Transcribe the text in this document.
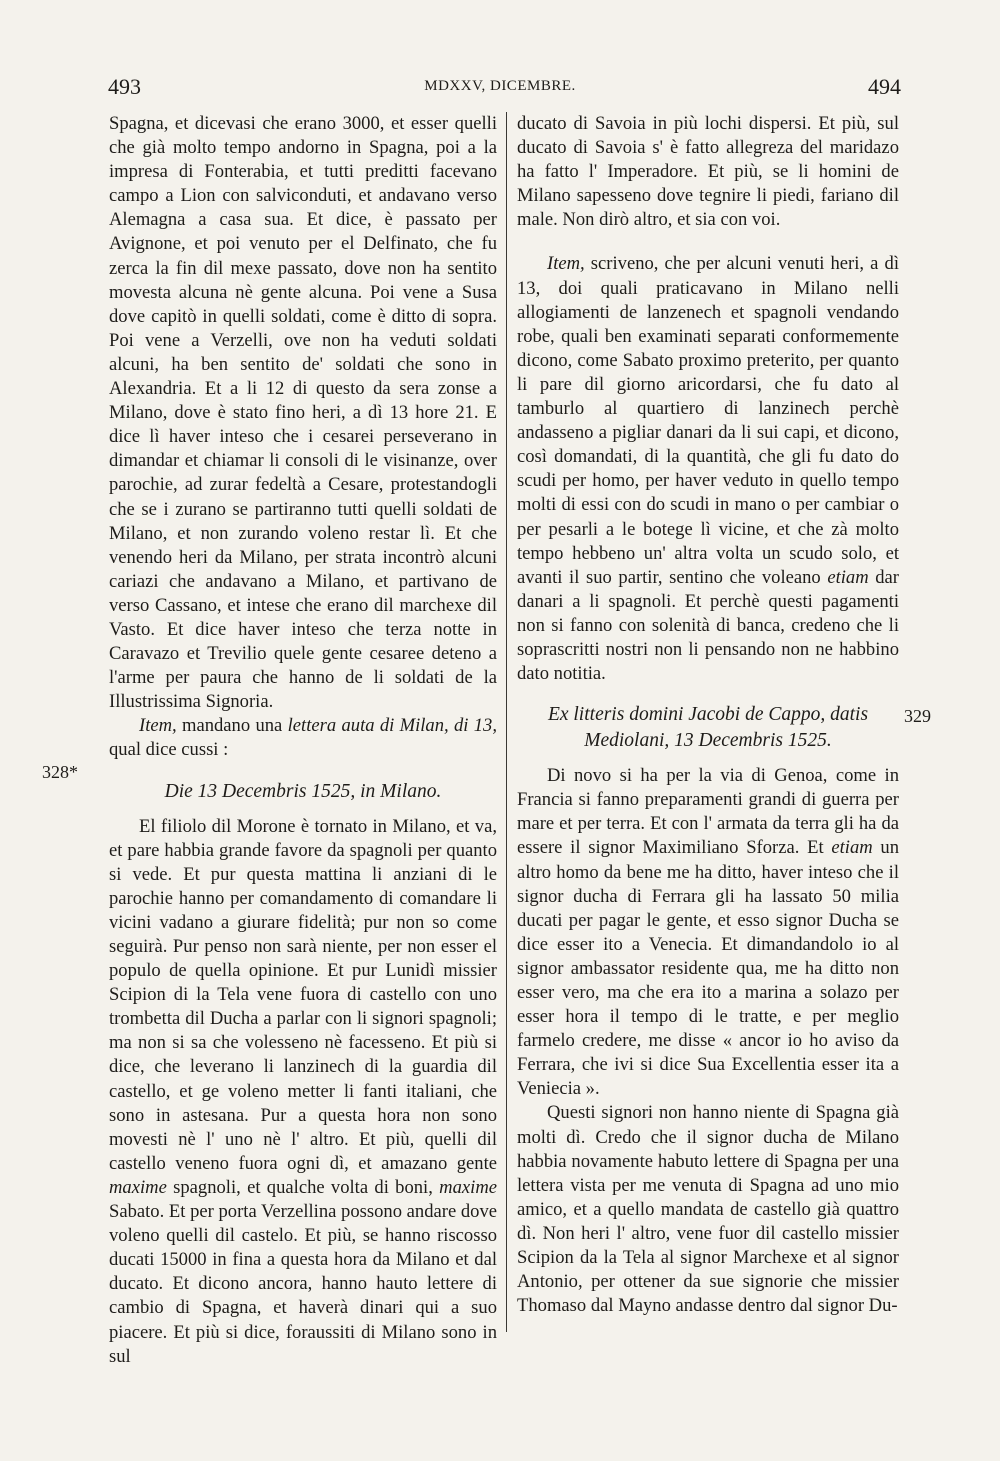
493	MDXXV, DICEMBRE.	494

Spagna, et dicevasi che erano 3000, et esser quelli che già molto tempo andorno in Spagna, poi a la impresa di Fonterabia, et tutti preditti facevano campo a Lion con salviconduti, et andavano verso Alemagna a casa sua. Et dice, è passato per Avignone, et poi venuto per el Delfinato, che fu zerca la fin dil mexe passato, dove non ha sentito movesta alcuna nè gente alcuna. Poi vene a Susa dove capitò in quelli soldati, come è ditto di sopra. Poi vene a Verzelli, ove non ha veduti soldati alcuni, ha ben sentito de' soldati che sono in Alexandria. Et a li 12 di questo da sera zonse a Milano, dove è stato fino heri, a dì 13 hore 21. E dice lì haver inteso che i cesarei perseverano in dimandar et chiamar li consoli di le visinanze, over parochie, ad zurar fedeltà a Cesare, protestandogli che se i zurano se partiranno tutti quelli soldati de Milano, et non zurando voleno restar lì. Et che venendo heri da Milano, per strata incontrò alcuni cariazi che andavano a Milano, et partivano de verso Cassano, et intese che erano dil marchexe dil Vasto. Et dice haver inteso che terza notte in Caravazo et Trevilio quele gente cesaree deteno a l'arme per paura che hanno de li soldati de la Illustrissima Signoria.

Item, mandano una lettera auta di Milan, di 13, qual dice cussi :

Die 13 Decembris 1525, in Milano.

El filiolo dil Morone è tornato in Milano, et va, et pare habbia grande favore da spagnoli per quanto si vede. Et pur questa mattina li anziani di le parochie hanno per comandamento di comandare li vicini vadano a giurare fidelità; pur non so come seguirà. Pur penso non sarà niente, per non esser el populo de quella opinione. Et pur Lunidì missier Scipion di la Tela vene fuora di castello con uno trombetta dil Ducha a parlar con li signori spagnoli; ma non si sa che volesseno nè facesseno. Et più si dice, che leverano li lanzinech di la guardia dil castello, et ge voleno metter li fanti italiani, che sono in astesana. Pur a questa hora non sono movesti nè l' uno nè l' altro. Et più, quelli dil castello veneno fuora ogni dì, et amazano gente maxime spagnoli, et qualche volta di boni, maxime Sabato. Et per porta Verzellina possono andare dove voleno quelli dil castelo. Et più, se hanno riscosso ducati 15000 in fina a questa hora da Milano et dal ducato. Et dicono ancora, hanno hauto lettere di cambio di Spagna, et haverà dinari qui a suo piacere. Et più si dice, foraussiti di Milano sono in sul

328*

ducato di Savoia in più lochi dispersi. Et più, sul ducato di Savoia s' è fatto allegreza del maridazo ha fatto l' Imperadore. Et più, se li homini de Milano sapesseno dove tegnire li piedi, fariano dil male. Non dirò altro, et sia con voi.

Item, scriveno, che per alcuni venuti heri, a dì 13, doi quali praticavano in Milano nelli allogiamenti de lanzenech et spagnoli vendando robe, quali ben examinati separati conformemente dicono, come Sabato proximo preterito, per quanto li pare dil giorno aricordarsi, che fu dato al tamburlo al quartiero di lanzinech perchè andasseno a pigliar danari da li sui capi, et dicono, così domandati, di la quantità, che gli fu dato do scudi per homo, per haver veduto in quello tempo molti di essi con do scudi in mano o per cambiar o per pesarli a le botege lì vicine, et che zà molto tempo hebbeno un' altra volta un scudo solo, et avanti il suo partir, sentino che voleano etiam dar danari a li spagnoli. Et perchè questi pagamenti non si fanno con solenità di banca, credeno che li soprascritti nostri non li pensando non ne habbino dato notitia.

Ex litteris domini Jacobi de Cappo, datis Mediolani, 13 Decembris 1525.

Di novo si ha per la via di Genoa, come in Francia si fanno preparamenti grandi di guerra per mare et per terra. Et con l' armata da terra gli ha da essere il signor Maximiliano Sforza. Et etiam un altro homo da bene me ha ditto, haver inteso che il signor ducha di Ferrara gli ha lassato 50 milia ducati per pagar le gente, et esso signor Ducha se dice esser ito a Venecia. Et dimandandolo io al signor ambassator residente qua, me ha ditto non esser vero, ma che era ito a marina a solazo per esser hora il tempo di le tratte, e per meglio farmelo credere, me disse « ancor io ho aviso da Ferrara, che ivi si dice Sua Excellentia esser ita a Veniecia ».

Questi signori non hanno niente di Spagna già molti dì. Credo che il signor ducha de Milano habbia novamente habuto lettere di Spagna per una lettera vista per me venuta di Spagna ad uno mio amico, et a quello mandata de castello già quattro dì. Non heri l' altro, vene fuor dil castello missier Scipion da la Tela al signor Marchexe et al signor Antonio, per ottener da sue signorie che missier Thomaso dal Mayno andasse dentro dal signor Du-

329
